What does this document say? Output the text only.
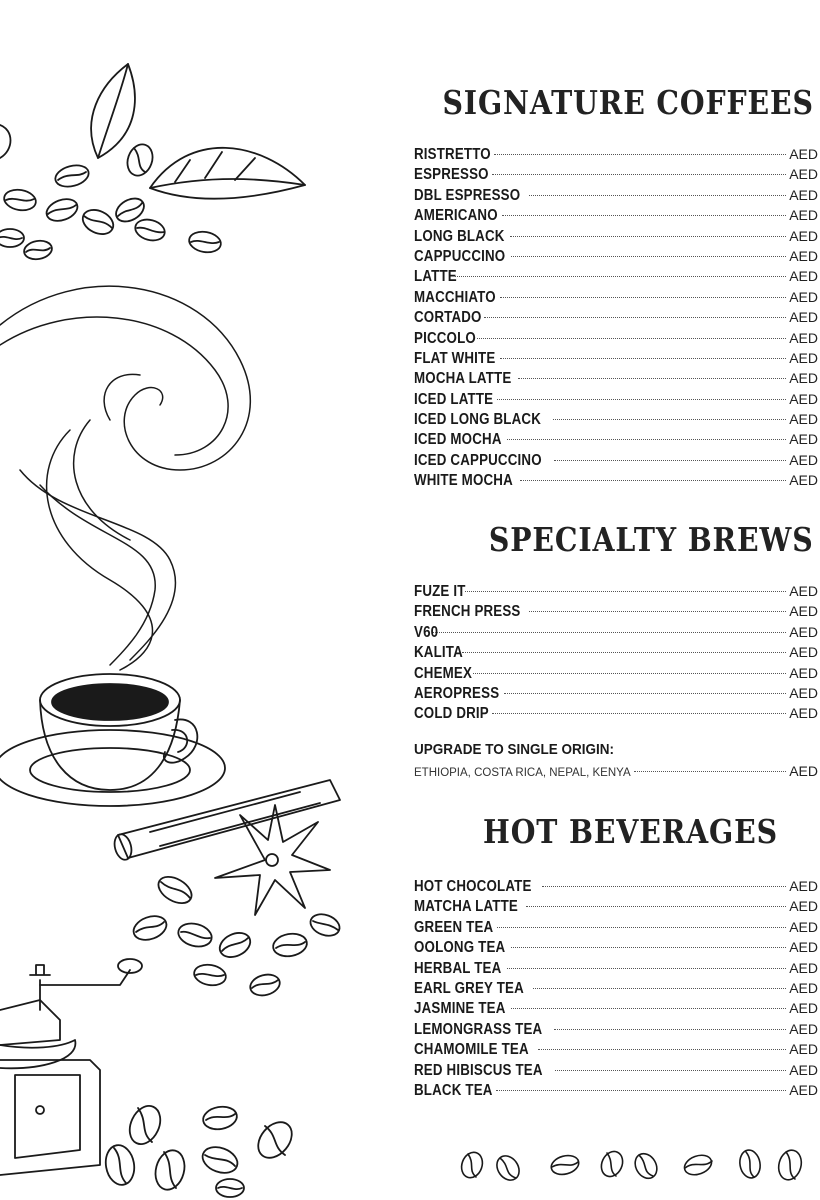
SIGNATURE COFFEES
RISTRETTO	AED
ESPRESSO	AED
DBL ESPRESSO	AED
AMERICANO	AED
LONG BLACK	AED
CAPPUCCINO	AED
LATTE	AED
MACCHIATO	AED
CORTADO	AED
PICCOLO	AED
FLAT WHITE	AED
MOCHA LATTE	AED
ICED LATTE	AED
ICED LONG BLACK	AED
ICED MOCHA	AED
ICED CAPPUCCINO	AED
WHITE MOCHA	AED
SPECIALTY BREWS
FUZE IT	AED
FRENCH PRESS	AED
V60	AED
KALITA	AED
CHEMEX	AED
AEROPRESS	AED
COLD DRIP	AED
UPGRADE TO SINGLE ORIGIN:
ETHIOPIA, COSTA RICA, NEPAL, KENYA	AED
HOT BEVERAGES
HOT CHOCOLATE	AED
MATCHA LATTE	AED
GREEN TEA	AED
OOLONG TEA	AED
HERBAL TEA	AED
EARL GREY TEA	AED
JASMINE TEA	AED
LEMONGRASS TEA	AED
CHAMOMILE TEA	AED
RED HIBISCUS TEA	AED
BLACK TEA	AED
